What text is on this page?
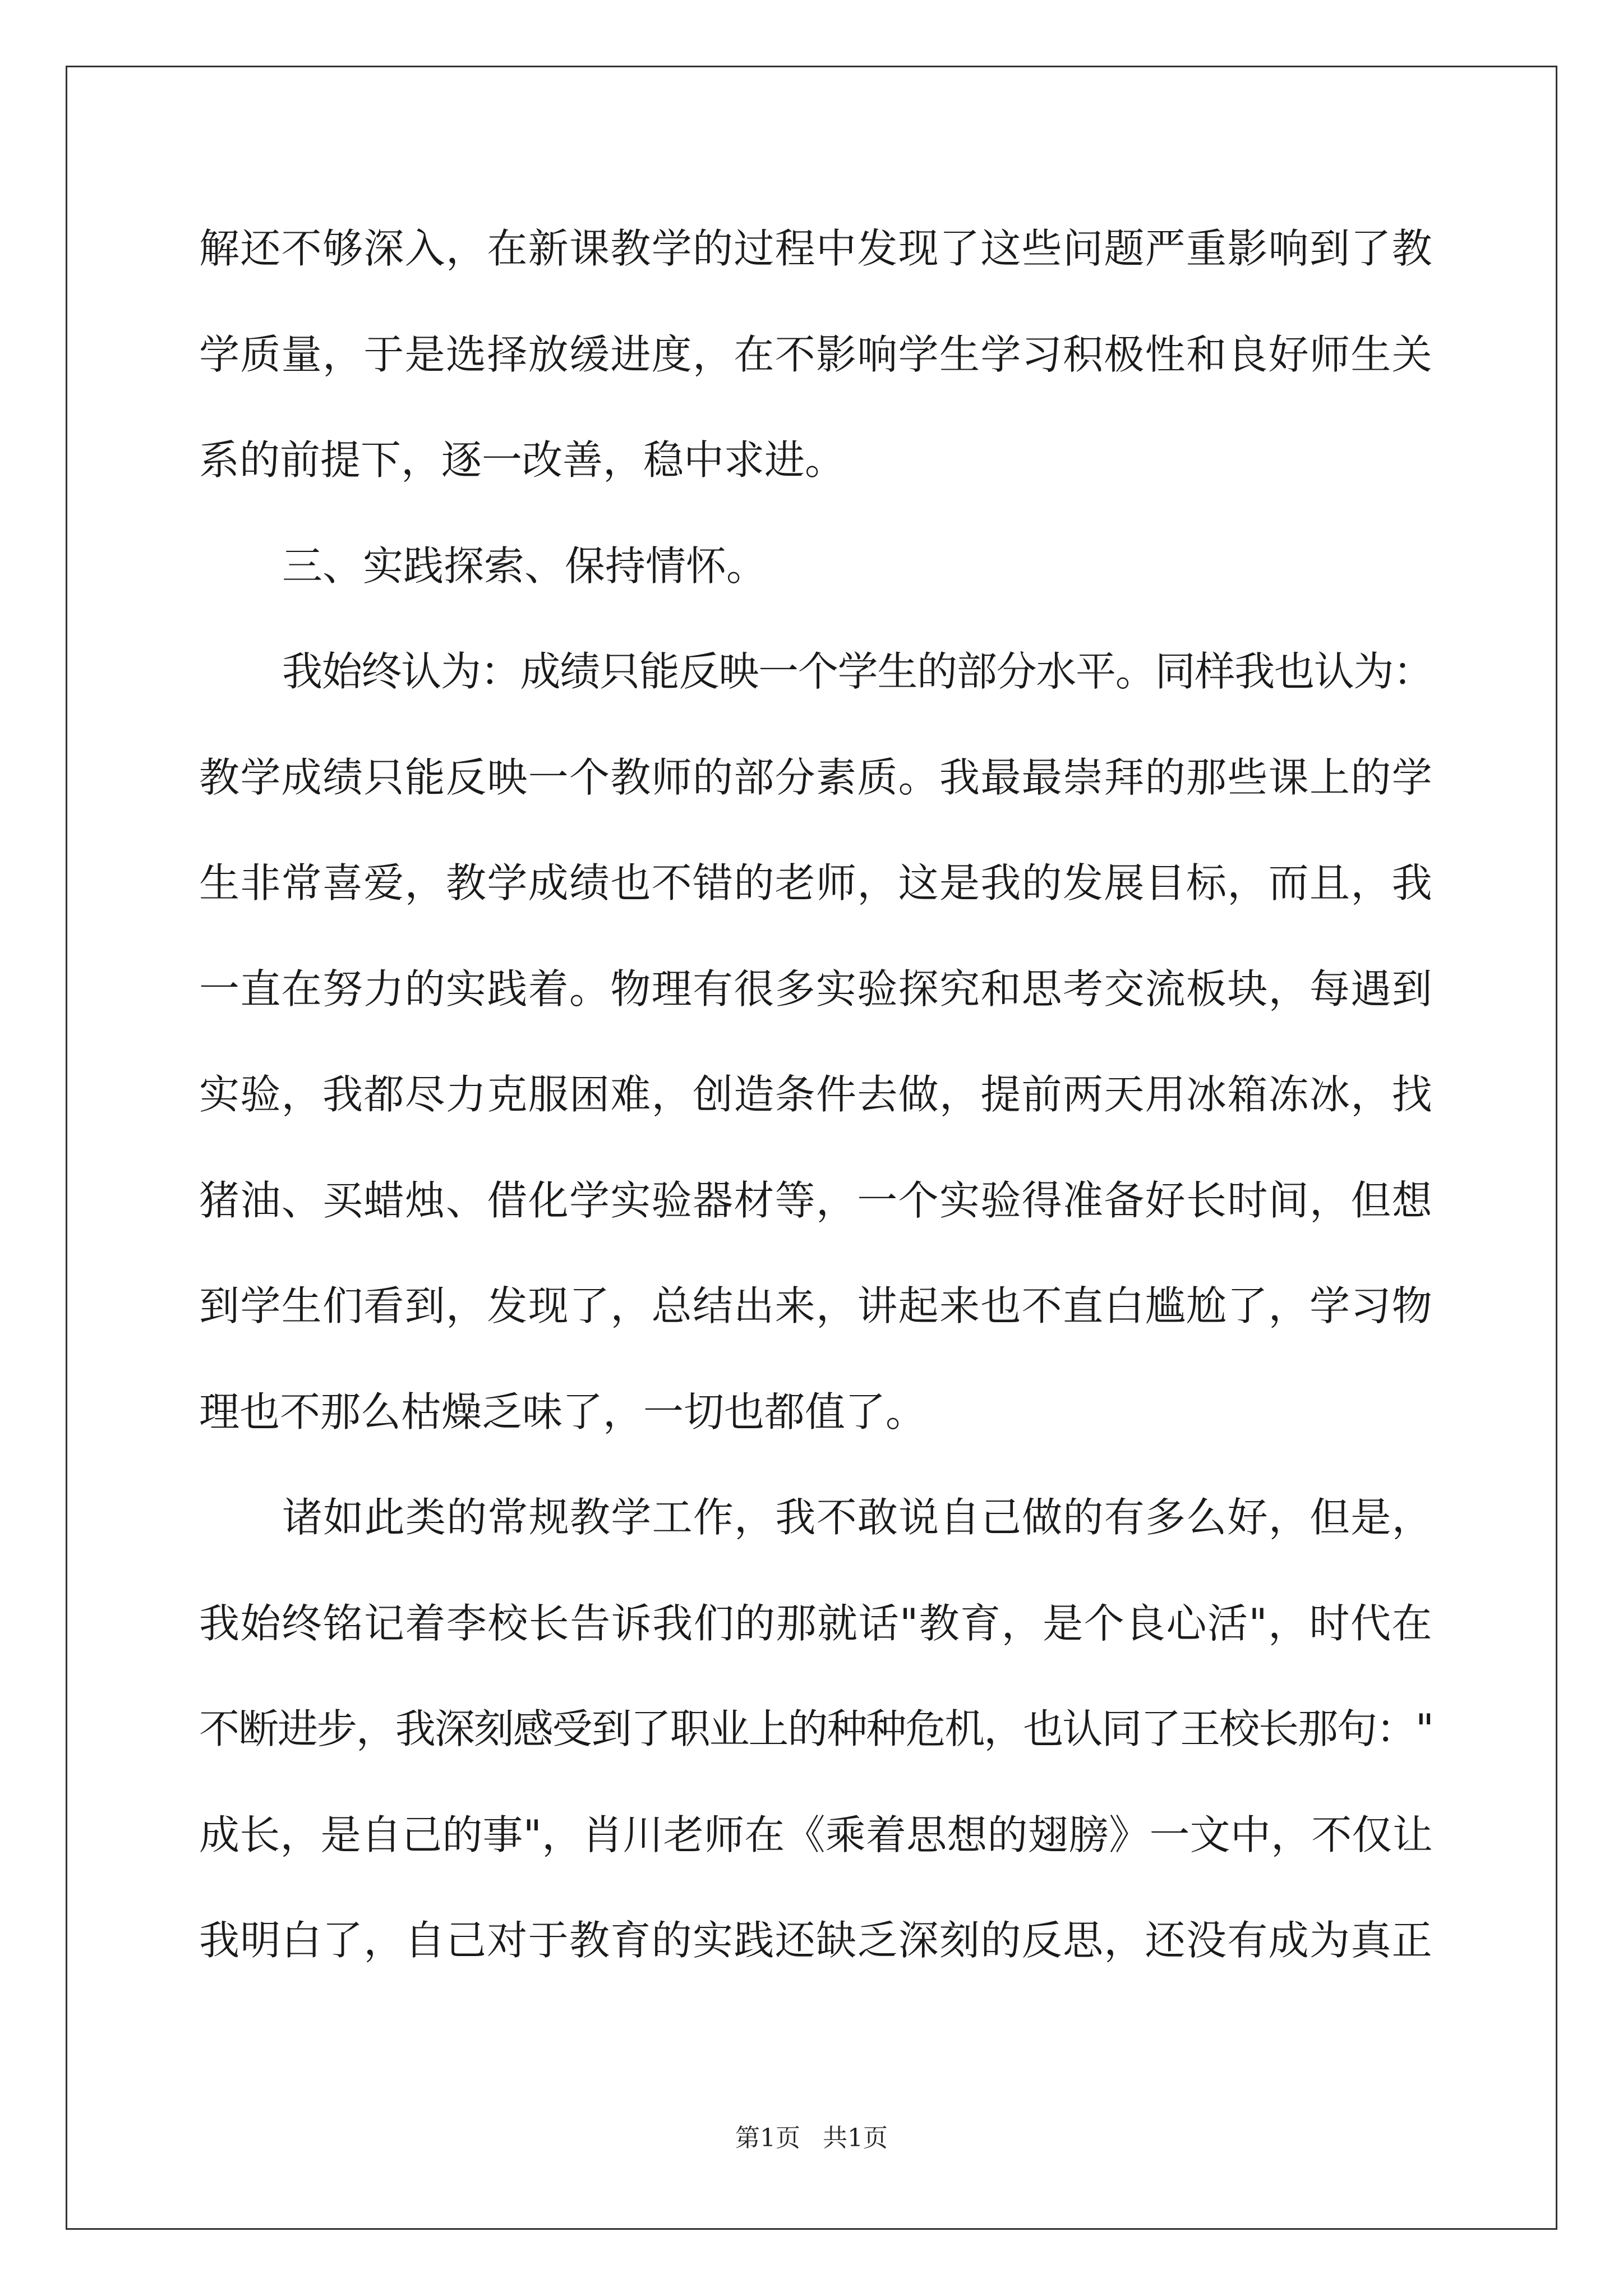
解还不够深入，在新课教学的过程中发现了这些问题严重影响到了教
学质量，于是选择放缓进度，在不影响学生学习积极性和良好师生关
系的前提下，逐一改善，稳中求进。
三、实践探索、保持情怀。
我始终认为：成绩只能反映一个学生的部分水平。同样我也认为：
教学成绩只能反映一个教师的部分素质。我最最崇拜的那些课上的学
生非常喜爱，教学成绩也不错的老师，这是我的发展目标，而且，我
一直在努力的实践着。物理有很多实验探究和思考交流板块，每遇到
实验，我都尽力克服困难，创造条件去做，提前两天用冰箱冻冰，找
猪油、买蜡烛、借化学实验器材等，一个实验得准备好长时间，但想
到学生们看到，发现了，总结出来，讲起来也不直白尴尬了，学习物
理也不那么枯燥乏味了，一切也都值了。
诸如此类的常规教学工作，我不敢说自己做的有多么好，但是，
我始终铭记着李校长告诉我们的那就话"教育，是个良心活"，时代在
不断进步，我深刻感受到了职业上的种种危机，也认同了王校长那句："
成长，是自己的事"，肖川老师在《乘着思想的翅膀》一文中，不仅让
我明白了，自己对于教育的实践还缺乏深刻的反思，还没有成为真正
第1页 共1页
